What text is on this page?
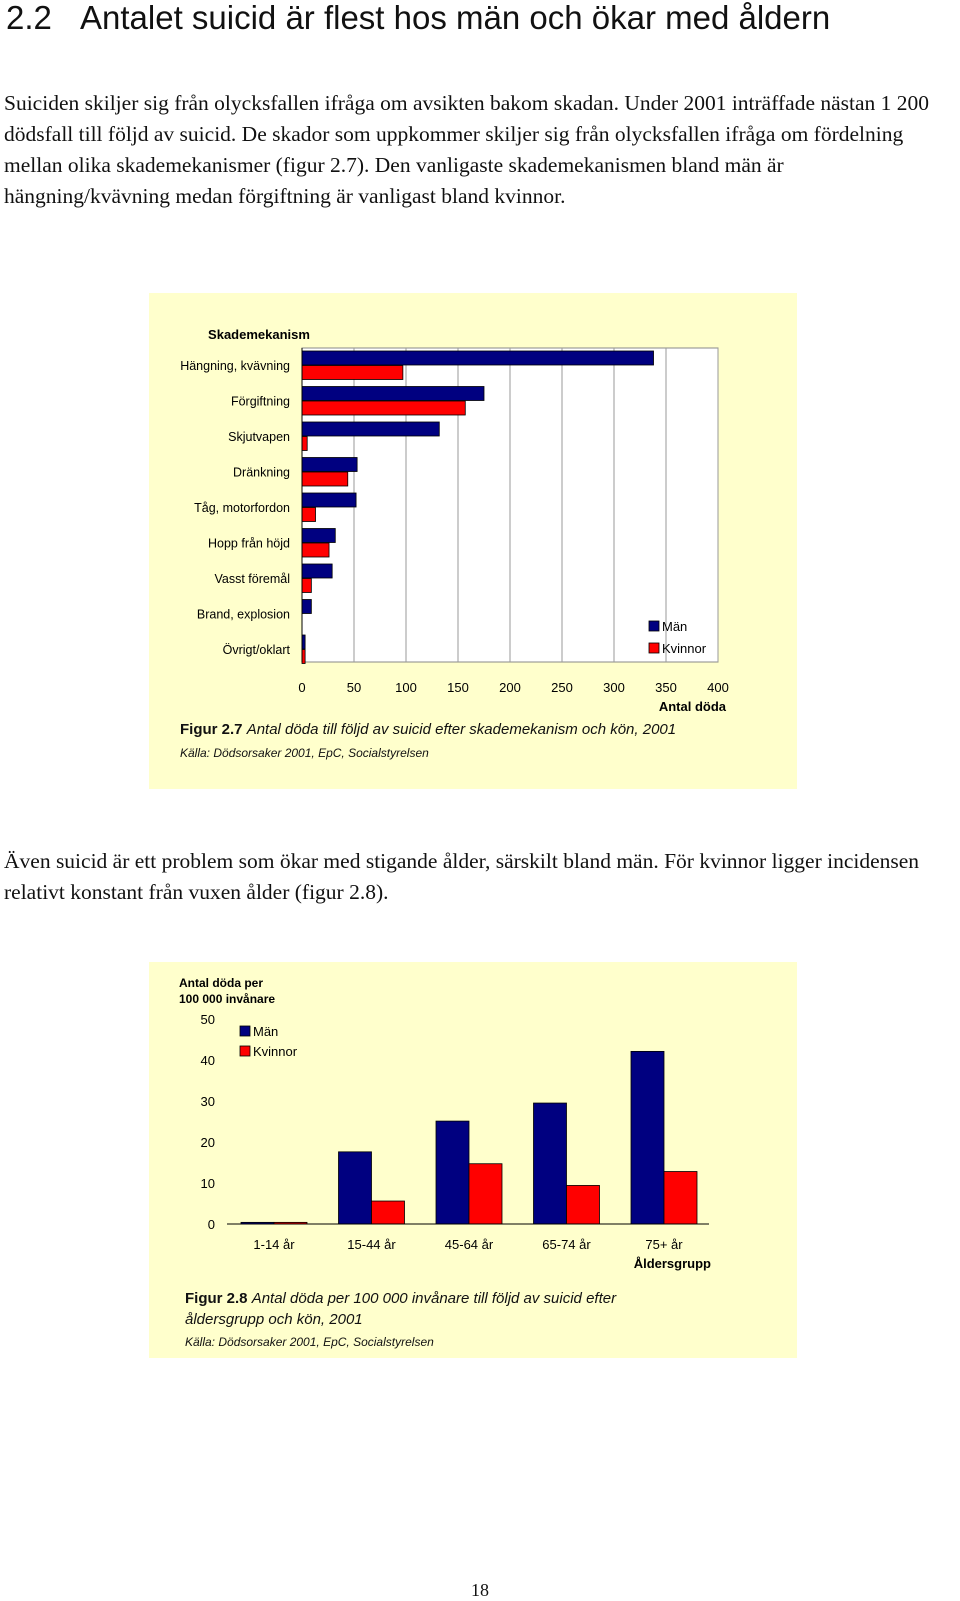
2.2 Antalet suicid är flest hos män och ökar med åldern

Suiciden skiljer sig från olycksfallen ifråga om avsikten bakom skadan. Under 2001 inträffade nästan 1 200 dödsfall till följd av suicid. De skador som uppkommer skiljer sig från olycksfallen ifråga om fördelning mellan olika skademekanismer (figur 2.7). Den vanligaste skademekanismen bland män är hängning/kvävning medan förgiftning är vanligast bland kvinnor.

Skademekanism
Hängning, kvävning
Förgiftning
Skjutvapen
Dränkning
Tåg, motorfordon
Hopp från höjd
Vasst föremål
Brand, explosion
Övrigt/oklart
0	50	100 150 200 250 300 350 400
Antal döda
Män
Kvinnor
Figur 2.7 Antal döda till följd av suicid efter skademekanism och kön, 2001
Källa: Dödsorsaker 2001, EpC, Socialstyrelsen

Även suicid är ett problem som ökar med stigande ålder, särskilt bland män. För kvinnor ligger incidensen relativt konstant från vuxen ålder (figur 2.8).

Antal döda per
100 000 invånare
0
10
20
30
40
50
1-14 år	15-44 år	45-64 år	65-74 år	75+ år
Åldersgrupp
Män
Kvinnor
Figur 2.8 Antal döda per 100 000 invånare till följd av suicid efter åldersgrupp och kön, 2001
Källa: Dödsorsaker 2001, EpC, Socialstyrelsen
18
